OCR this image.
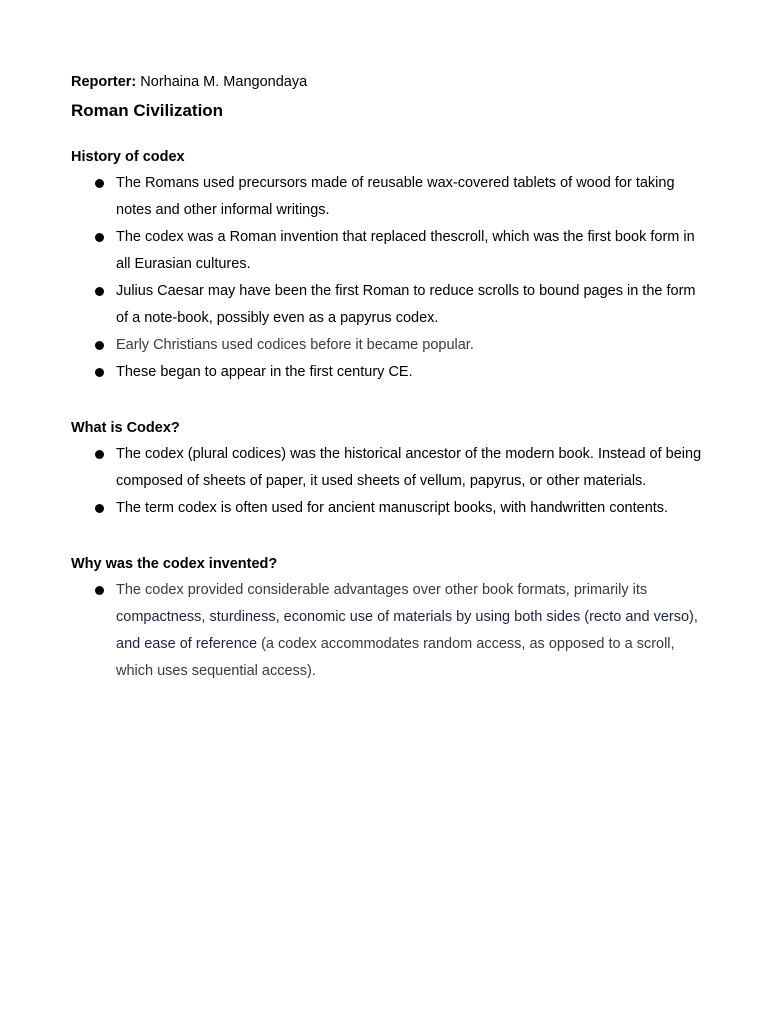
Reporter: Norhaina M. Mangondaya

Roman Civilization
History of codex
The Romans used precursors made of reusable wax-covered tablets of wood for taking notes and other informal writings.
The codex was a Roman invention that replaced thescroll, which was the first book form in all Eurasian cultures.
Julius Caesar may have been the first Roman to reduce scrolls to bound pages in the form of a note-book, possibly even as a papyrus codex.
Early Christians used codices before it became popular.
These began to appear in the first century CE.
What is Codex?
The codex (plural codices) was the historical ancestor of the modern book. Instead of being composed of sheets of paper, it used sheets of vellum, papyrus, or other materials.
The term codex is often used for ancient manuscript books, with handwritten contents.
Why was the codex invented?
The codex provided considerable advantages over other book formats, primarily its compactness, sturdiness, economic use of materials by using both sides (recto and verso), and ease of reference (a codex accommodates random access, as opposed to a scroll, which uses sequential access).
